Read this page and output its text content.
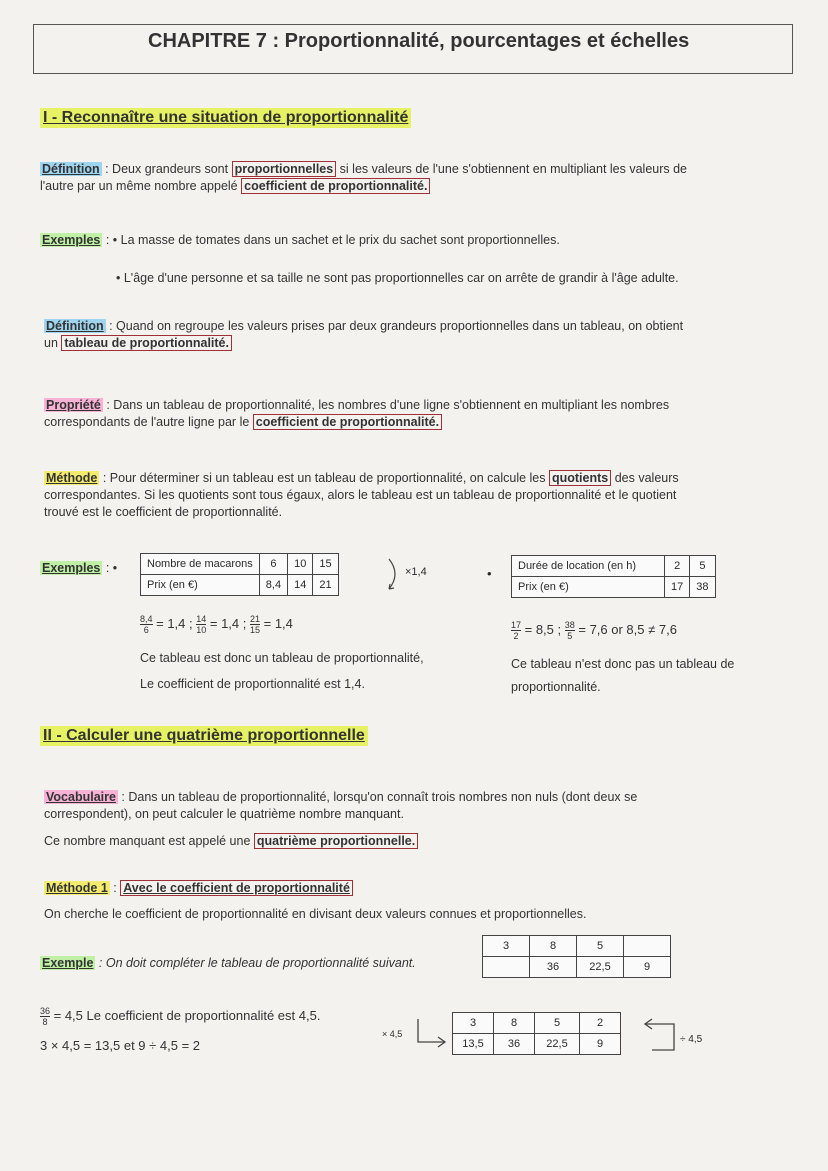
CHAPITRE 7 : Proportionnalité, pourcentages et échelles
I - Reconnaître une situation de proportionnalité
Définition : Deux grandeurs sont proportionnelles si les valeurs de l'une s'obtiennent en multipliant les valeurs de
l'autre par un même nombre appelé coefficient de proportionnalité.
Exemples : • La masse de tomates dans un sachet et le prix du sachet sont proportionnelles.
• L'âge d'une personne et sa taille ne sont pas proportionnelles car on arrête de grandir à l'âge adulte.
Définition : Quand on regroupe les valeurs prises par deux grandeurs proportionnelles dans un tableau, on obtient
un tableau de proportionnalité.
Propriété : Dans un tableau de proportionnalité, les nombres d'une ligne s'obtiennent en multipliant les nombres
correspondants de l'autre ligne par le coefficient de proportionnalité.
Méthode : Pour déterminer si un tableau est un tableau de proportionnalité, on calcule les quotients des valeurs
correspondantes. Si les quotients sont tous égaux, alors le tableau est un tableau de proportionnalité et le quotient
trouvé est le coefficient de proportionnalité.
Exemples : •	Nombre de macarons	6	10	15
Prix (en €)	8,4	14	21
×1,4	• Durée de location (en h)	2	5
Prix (en €)	17	38
$\frac{8,4}{6} = 1,4$ ; $\frac{14}{10} = 1,4$ ; $\frac{21}{15} = 1,4$
Ce tableau est donc un tableau de proportionnalité,
Le coefficient de proportionnalité est 1,4.
$\frac{17}{2} = 8,5$ ; $\frac{38}{5} = 7,6$ or 8,5 ≠ 7,6
Ce tableau n'est donc pas un tableau de
proportionnalité.
II - Calculer une quatrième proportionnelle
Vocabulaire : Dans un tableau de proportionnalité, lorsqu'on connaît trois nombres non nuls (dont deux se
correspondent), on peut calculer le quatrième nombre manquant.
Ce nombre manquant est appelé une quatrième proportionnelle.
Méthode 1 : Avec le coefficient de proportionnalité
On cherche le coefficient de proportionnalité en divisant deux valeurs connues et proportionnelles.
Exemple : On doit compléter le tableau de proportionnalité suivant.
3	8	5	
	36	22,5	9
$\frac{36}{8} = 4,5$ Le coefficient de proportionnalité est 4,5.
3 × 4,5 = 13,5 et 9 ÷ 4,5 = 2
× 4,5
3	8	5	2
13,5	36	22,5	9	÷ 4,5
